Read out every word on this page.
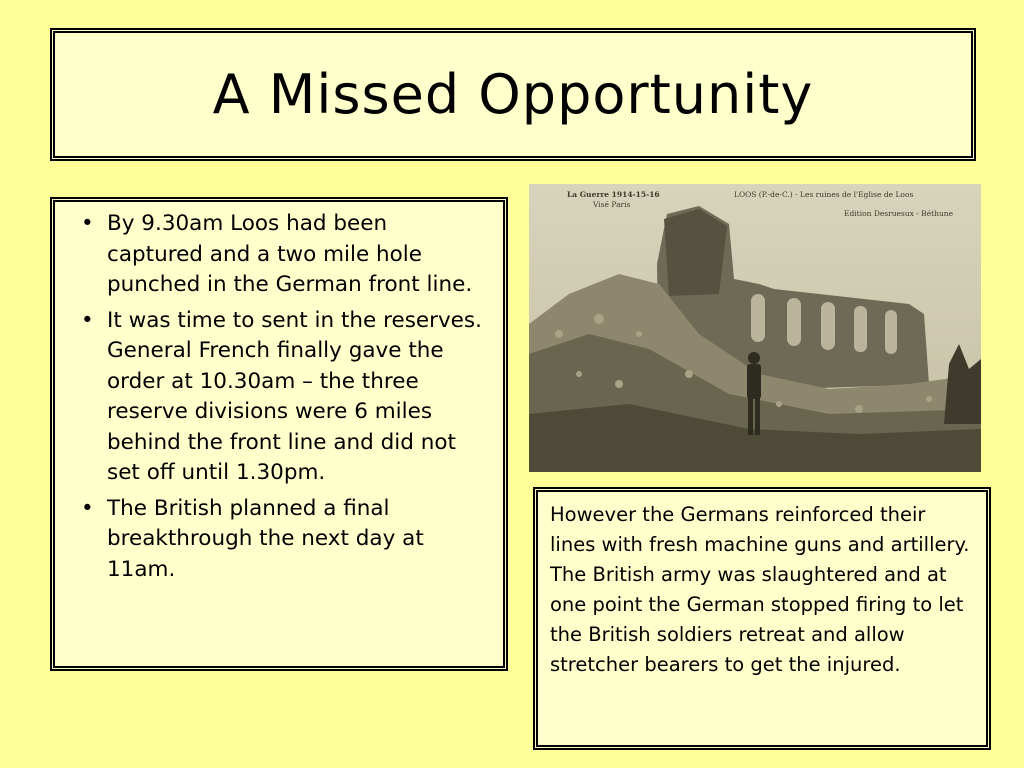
A Missed Opportunity
• By 9.30am Loos had been captured and a two mile hole punched in the German front line.
• It was time to sent in the reserves. General French finally gave the order at 10.30am – the three reserve divisions were 6 miles behind the front line and did not set off until 1.30pm.
• The British planned a final breakthrough the next day at 11am.
La Guerre 1914-15-16
Visé Paris
LOOS (P.-de-C.) - Les ruines de l'Eglise de Loos
Edition Desruesux - Béthune

However the Germans reinforced their lines with fresh machine guns and artillery. The British army was slaughtered and at one point the German stopped firing to let the British soldiers retreat and allow stretcher bearers to get the injured.
